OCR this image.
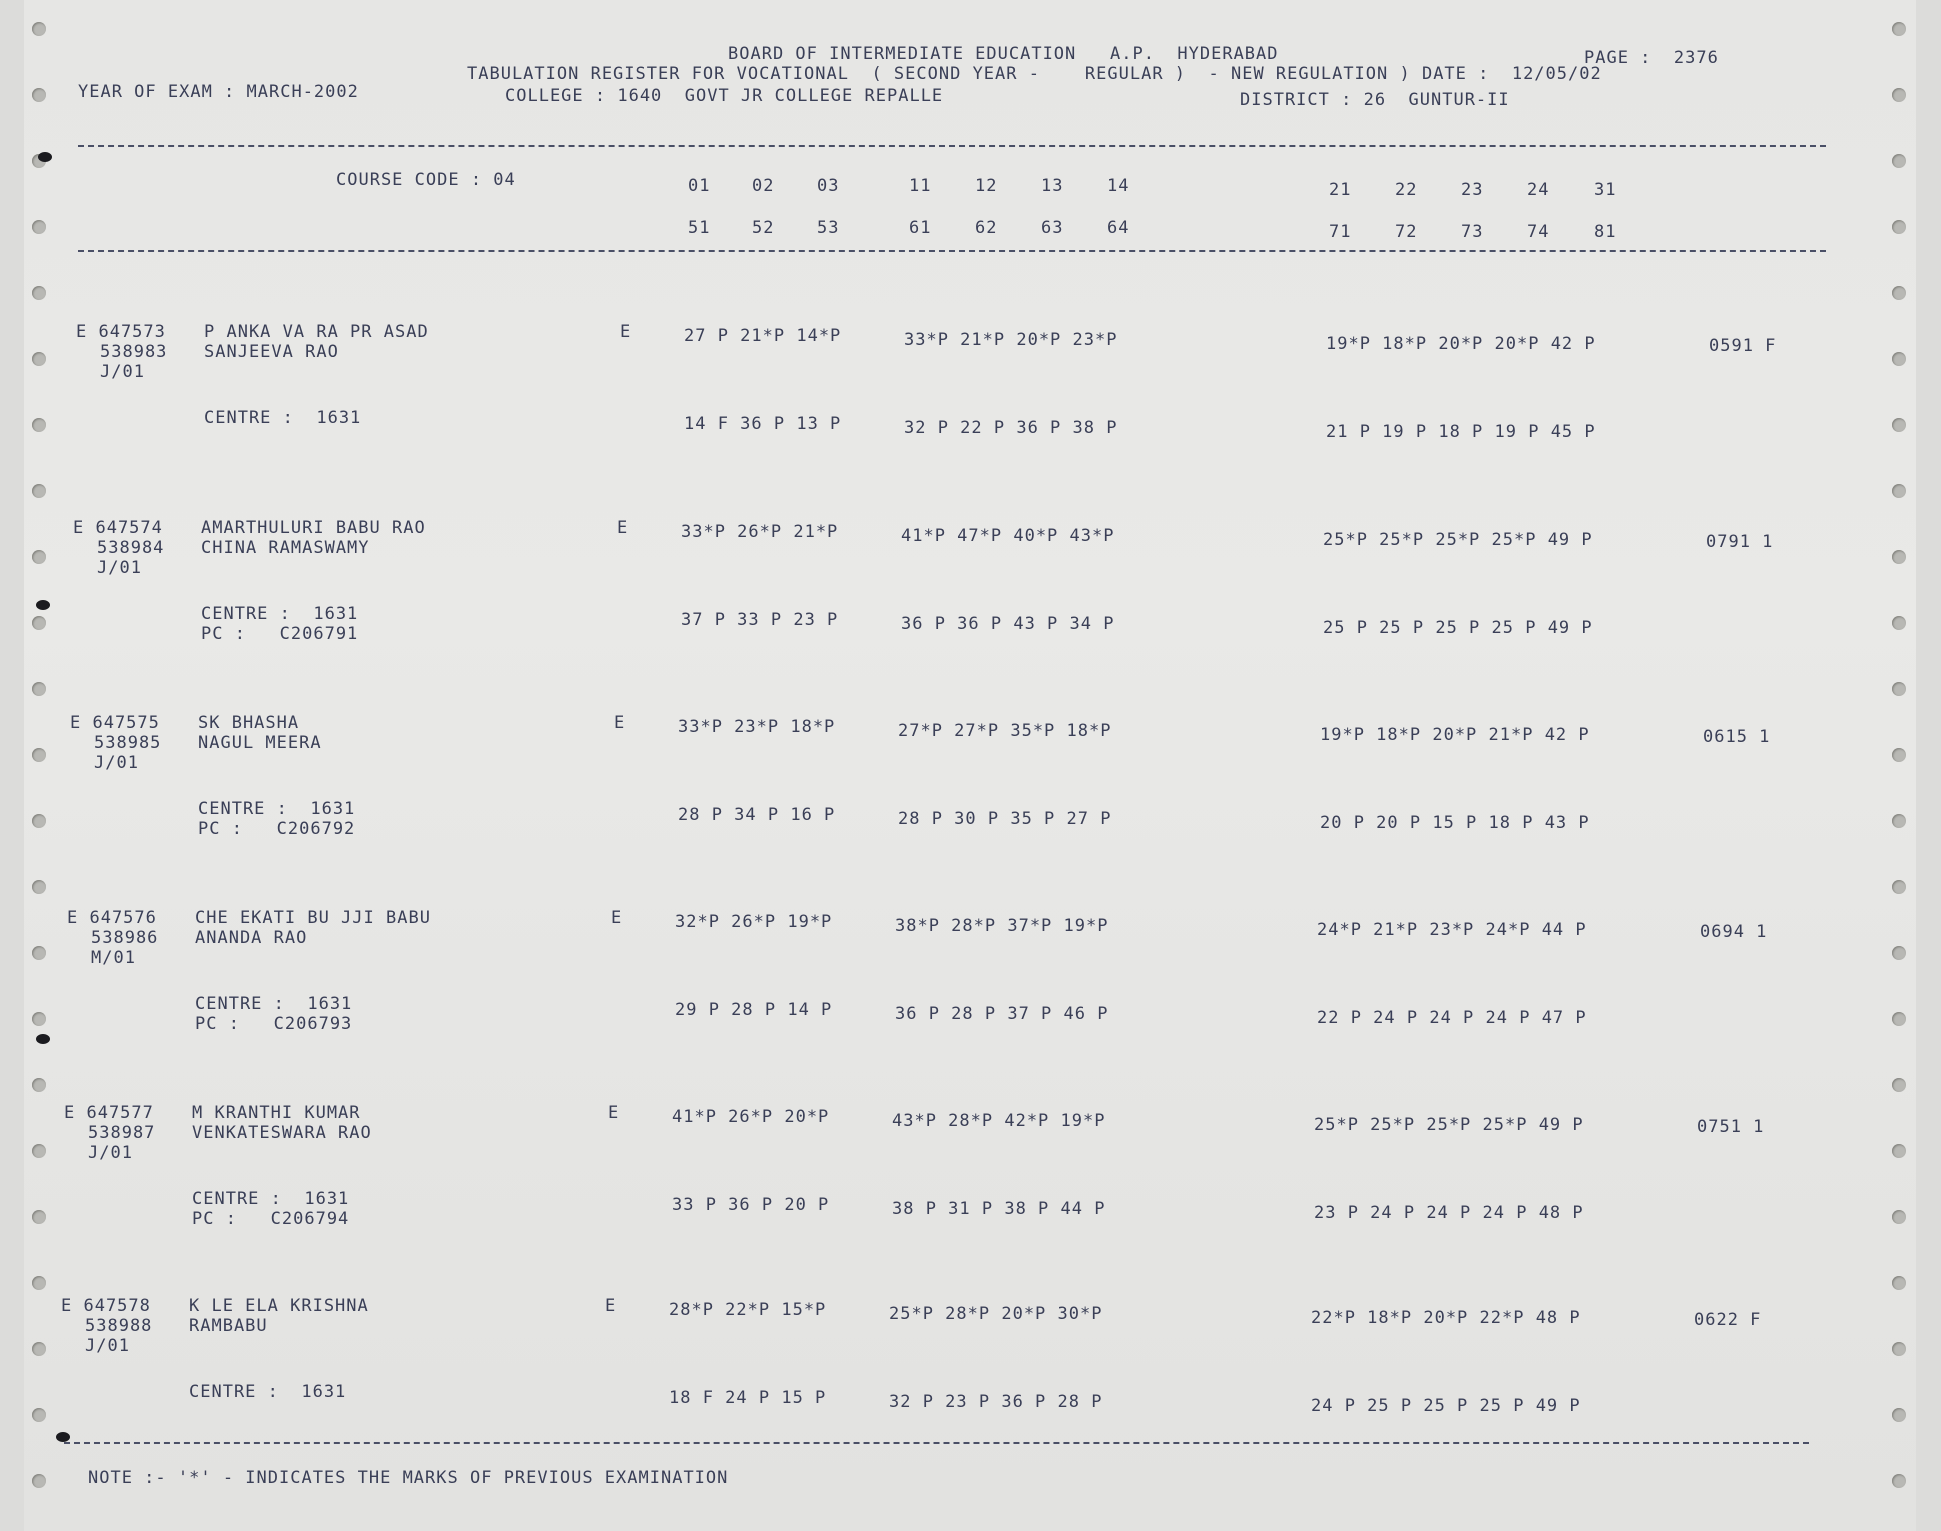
BOARD OF INTERMEDIATE EDUCATION   A.P.  HYDERABAD	PAGE :  2376
TABULATION REGISTER FOR VOCATIONAL  ( SECOND YEAR -    REGULAR )  - NEW REGULATION ) DATE :  12/05/02
YEAR OF EXAM : MARCH-2002	COLLEGE : 1640  GOVT JR COLLEGE REPALLE	DISTRICT : 26  GUNTUR-II
COURSE CODE : 04	01 02	03	11	12	13	14	21	22	23	24	31
51 52	53	61	62	63	64	71	72	73	74	81
E 647573
538983
J/01
P ANKA VA RA PR ASAD
SANJEEVA RAO
E	27 P 21*P 14*P	33*P 21*P 20*P 23*P	19*P 18*P 20*P 20*P 42 P	0591 F
CENTRE :  1631	14 F 36 P 13 P	32 P 22 P 36 P 38 P	21 P 19 P 18 P 19 P 45 P
E 647574
538984
J/01
AMARTHULURI BABU RAO
CHINA RAMASWAMY
E	33*P 26*P 21*P	41*P 47*P 40*P 43*P	25*P 25*P 25*P 25*P 49 P	0791 1
CENTRE :  1631
PC :   C206791
37 P 33 P 23 P	36 P 36 P 43 P 34 P	25 P 25 P 25 P 25 P 49 P
E 647575
538985
J/01
SK BHASHA
NAGUL MEERA
E	33*P 23*P 18*P	27*P 27*P 35*P 18*P	19*P 18*P 20*P 21*P 42 P	0615 1
CENTRE :  1631
PC :   C206792
28 P 34 P 16 P	28 P 30 P 35 P 27 P	20 P 20 P 15 P 18 P 43 P
E 647576
538986
M/01
CHE EKATI BU JJI BABU
ANANDA RAO
E	32*P 26*P 19*P	38*P 28*P 37*P 19*P	24*P 21*P 23*P 24*P 44 P	0694 1
CENTRE :  1631
PC :   C206793
29 P 28 P 14 P	36 P 28 P 37 P 46 P	22 P 24 P 24 P 24 P 47 P
E 647577
538987
J/01
M KRANTHI KUMAR
VENKATESWARA RAO
E	41*P 26*P 20*P	43*P 28*P 42*P 19*P	25*P 25*P 25*P 25*P 49 P	0751 1
CENTRE :  1631
PC :   C206794
33 P 36 P 20 P	38 P 31 P 38 P 44 P	23 P 24 P 24 P 24 P 48 P
E 647578
538988
J/01
K LE ELA KRISHNA
RAMBABU
E	28*P 22*P 15*P	25*P 28*P 20*P 30*P	22*P 18*P 20*P 22*P 48 P	0622 F
CENTRE :  1631	18 F 24 P 15 P	32 P 23 P 36 P 28 P	24 P 25 P 25 P 25 P 49 P
NOTE :- '*' - INDICATES THE MARKS OF PREVIOUS EXAMINATION
